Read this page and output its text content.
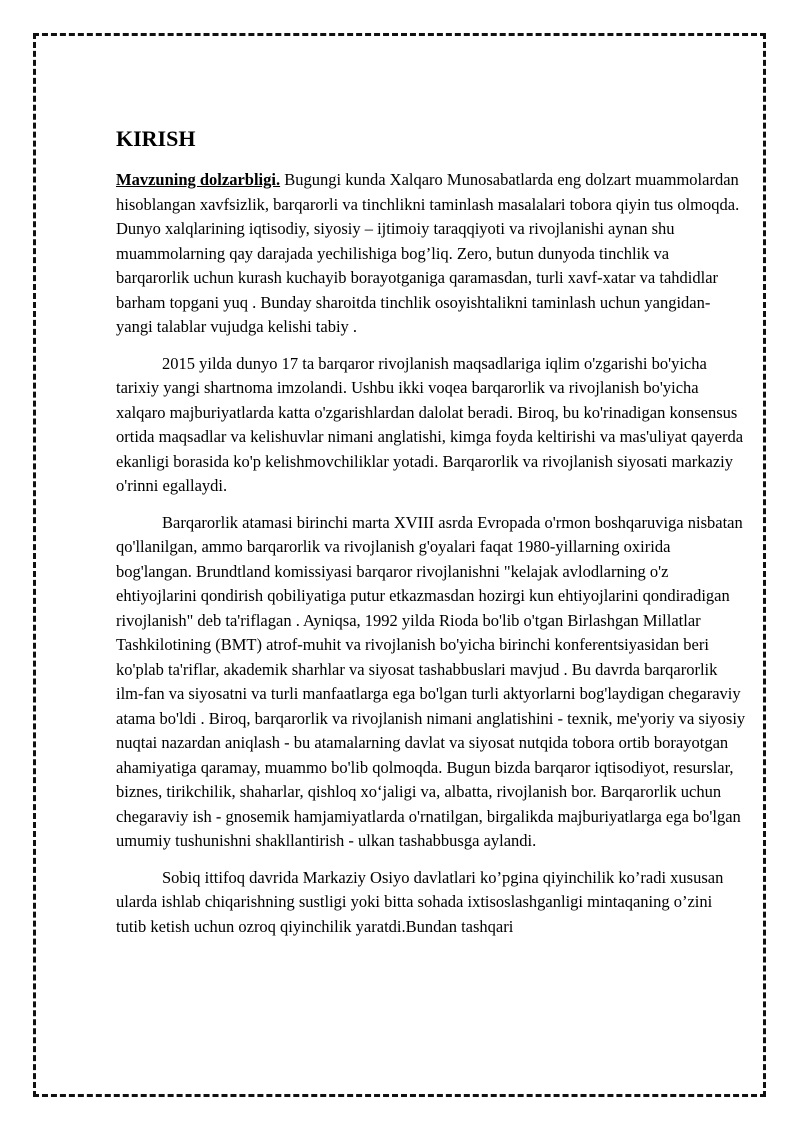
KIRISH

Mavzuning dolzarbligi. Bugungi kunda Xalqaro Munosabatlarda eng dolzart muammolardan hisoblangan xavfsizlik, barqarorli va tinchlikni taminlash masalalari tobora qiyin tus olmoqda. Dunyo xalqlarining iqtisodiy, siyosiy – ijtimoiy taraqqiyoti va rivojlanishi aynan shu muammolarning qay darajada yechilishiga bog’liq. Zero, butun dunyoda tinchlik va barqarorlik uchun kurash kuchayib borayotganiga qaramasdan, turli xavf-xatar va tahdidlar barham topgani yuq . Bunday sharoitda tinchlik osoyishtalikni taminlash uchun yangidan- yangi talablar vujudga kelishi tabiy .

2015 yilda dunyo 17 ta barqaror rivojlanish maqsadlariga iqlim o'zgarishi bo'yicha tarixiy yangi shartnoma imzolandi. Ushbu ikki voqea barqarorlik va rivojlanish bo'yicha xalqaro majburiyatlarda katta o'zgarishlardan dalolat beradi. Biroq, bu ko'rinadigan konsensus ortida maqsadlar va kelishuvlar nimani anglatishi, kimga foyda keltirishi va mas'uliyat qayerda ekanligi borasida ko'p kelishmovchiliklar yotadi. Barqarorlik va rivojlanish siyosati markaziy o'rinni egallaydi.

Barqarorlik atamasi birinchi marta XVIII asrda Evropada o'rmon boshqaruviga nisbatan qo'llanilgan, ammo barqarorlik va rivojlanish g'oyalari faqat 1980-yillarning oxirida bog'langan. Brundtland komissiyasi barqaror rivojlanishni "kelajak avlodlarning o'z ehtiyojlarini qondirish qobiliyatiga putur etkazmasdan hozirgi kun ehtiyojlarini qondiradigan rivojlanish" deb ta'riflagan . Ayniqsa, 1992 yilda Rioda bo'lib o'tgan Birlashgan Millatlar Tashkilotining (BMT) atrof-muhit va rivojlanish bo'yicha birinchi konferentsiyasidan beri ko'plab ta'riflar, akademik sharhlar va siyosat tashabbuslari mavjud . Bu davrda barqarorlik ilm-fan va siyosatni va turli manfaatlarga ega bo'lgan turli aktyorlarni bog'laydigan chegaraviy atama bo'ldi . Biroq, barqarorlik va rivojlanish nimani anglatishini - texnik, me'yoriy va siyosiy nuqtai nazardan aniqlash - bu atamalarning davlat va siyosat nutqida tobora ortib borayotgan ahamiyatiga qaramay, muammo bo'lib qolmoqda. Bugun bizda barqaror iqtisodiyot, resurslar, biznes, tirikchilik, shaharlar, qishloq xo‘jaligi va, albatta, rivojlanish bor. Barqarorlik uchun chegaraviy ish - gnosemik hamjamiyatlarda o'rnatilgan, birgalikda majburiyatlarga ega bo'lgan umumiy tushunishni shakllantirish - ulkan tashabbusga aylandi.

Sobiq ittifoq davrida Markaziy Osiyo davlatlari ko’pgina qiyinchilik ko’radi xususan ularda ishlab chiqarishning sustligi yoki bitta sohada ixtisoslashganligi mintaqaning o’zini tutib ketish uchun ozroq qiyinchilik yaratdi.Bundan tashqari
